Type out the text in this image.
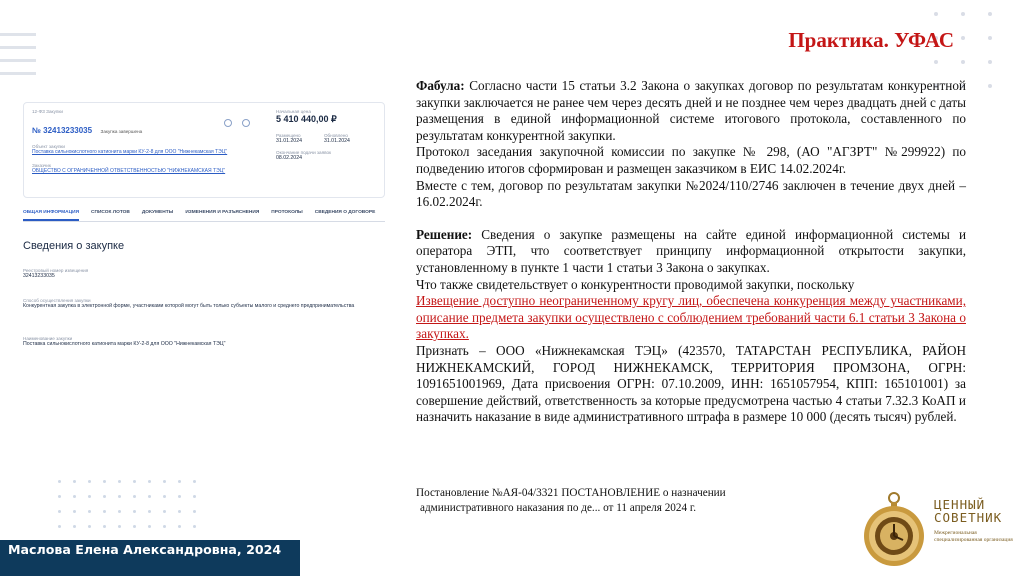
Практика. УФАС
12-ФЗ Закупки
№ 32413233035 Закупка завершена
Объект закупки
Поставка сильнокислотного катионита марки КУ-2-8 для ООО "Нижнекамская ТЭЦ"
Заказчик
ОБЩЕСТВО С ОГРАНИЧЕННОЙ ОТВЕТСТВЕННОСТЬЮ "НИЖНЕКАМСКАЯ ТЭЦ"
Начальная цена
5 410 440,00 ₽
Размещено
31.01.2024
Обновлено
31.01.2024
Окончание подачи заявок
08.02.2024
ОБЩАЯ ИНФОРМАЦИЯ	СПИСОК ЛОТОВ	ДОКУМЕНТЫ	ИЗМЕНЕНИЯ И РАЗЪЯСНЕНИЯ	ПРОТОКОЛЫ	СВЕДЕНИЯ О ДОГОВОРЕ
Сведения о закупке
Реестровый номер извещения
32413233035
Способ осуществления закупки
Конкурентная закупка в электронной форме, участниками которой могут быть только субъекты малого и среднего предпринимательства
Наименование закупки
Поставка сильнокислотного катионита марки КУ-2-8 для ООО "Нижнекамская ТЭЦ"

Фабула: Согласно части 15 статьи 3.2 Закона о закупках договор по результатам конкурентной закупки заключается не ранее чем через десять дней и не позднее чем через двадцать дней с даты размещения в единой информационной системе итогового протокола, составленного по результатам конкурентной закупки.

Протокол заседания закупочной комиссии по закупке № 298, (АО "АГЗРТ" №299922) по подведению итогов сформирован и размещен заказчиком в ЕИС 14.02.2024г.

Вместе с тем, договор по результатам закупки №2024/110/2746 заключен в течение двух дней – 16.02.2024г.

Решение: Сведения о закупке размещены на сайте единой информационной системы и оператора ЭТП, что соответствует принципу информационной открытости закупки, установленному в пункте 1 части 1 статьи 3 Закона о закупках.

Что также свидетельствует о конкурентности проводимой закупки, поскольку

Извещение доступно неограниченному кругу лиц, обеспечена конкуренция между участниками, описание предмета закупки осуществлено с соблюдением требований части 6.1 статьи 3 Закона о закупках.

Признать – ООО «Нижнекамская ТЭЦ» (423570, ТАТАРСТАН РЕСПУБЛИКА, РАЙОН НИЖНЕКАМСКИЙ, ГОРОД НИЖНЕКАМСК, ТЕРРИТОРИЯ ПРОМЗОНА, ОГРН: 1091651001969, Дата присвоения ОГРН: 07.10.2009, ИНН: 1651057954, КПП: 165101001) за совершение действий, ответственность за которые предусмотрена частью 4 статьи 7.32.3 КоАП и назначить наказание в виде административного штрафа в размере 10 000 (десять тысяч) рублей.

Постановление №АЯ-04/3321 ПОСТАНОВЛЕНИЕ о назначении
административного наказания по де... от 11 апреля 2024 г.
Маслова Елена Александровна, 2024
ЦЕННЫЙ
СОВЕТНИК
Межрегиональная специализированная организация
